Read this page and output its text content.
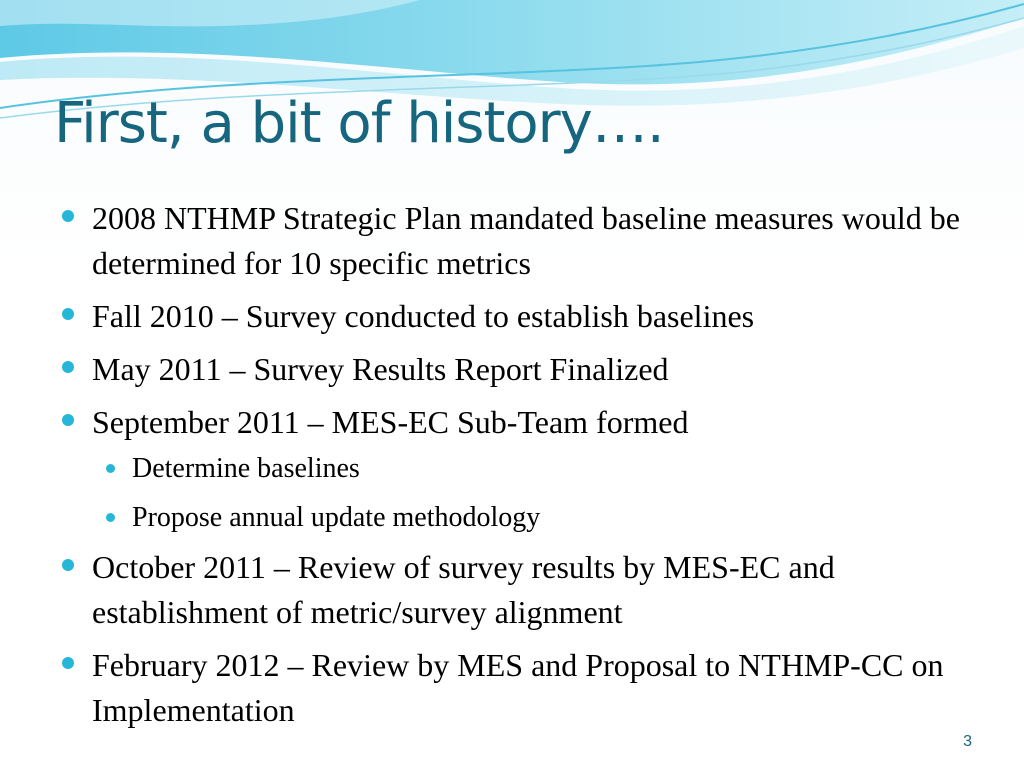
First, a bit of history….
2008 NTHMP Strategic Plan mandated baseline measures would be determined for 10 specific metrics
Fall 2010 – Survey conducted to establish baselines
May 2011 – Survey Results Report Finalized
September 2011 – MES-EC Sub-Team formed
Determine baselines
Propose annual update methodology
October 2011 – Review of survey results by MES-EC and establishment of metric/survey alignment
February 2012 – Review by MES and Proposal to NTHMP-CC on Implementation
3
